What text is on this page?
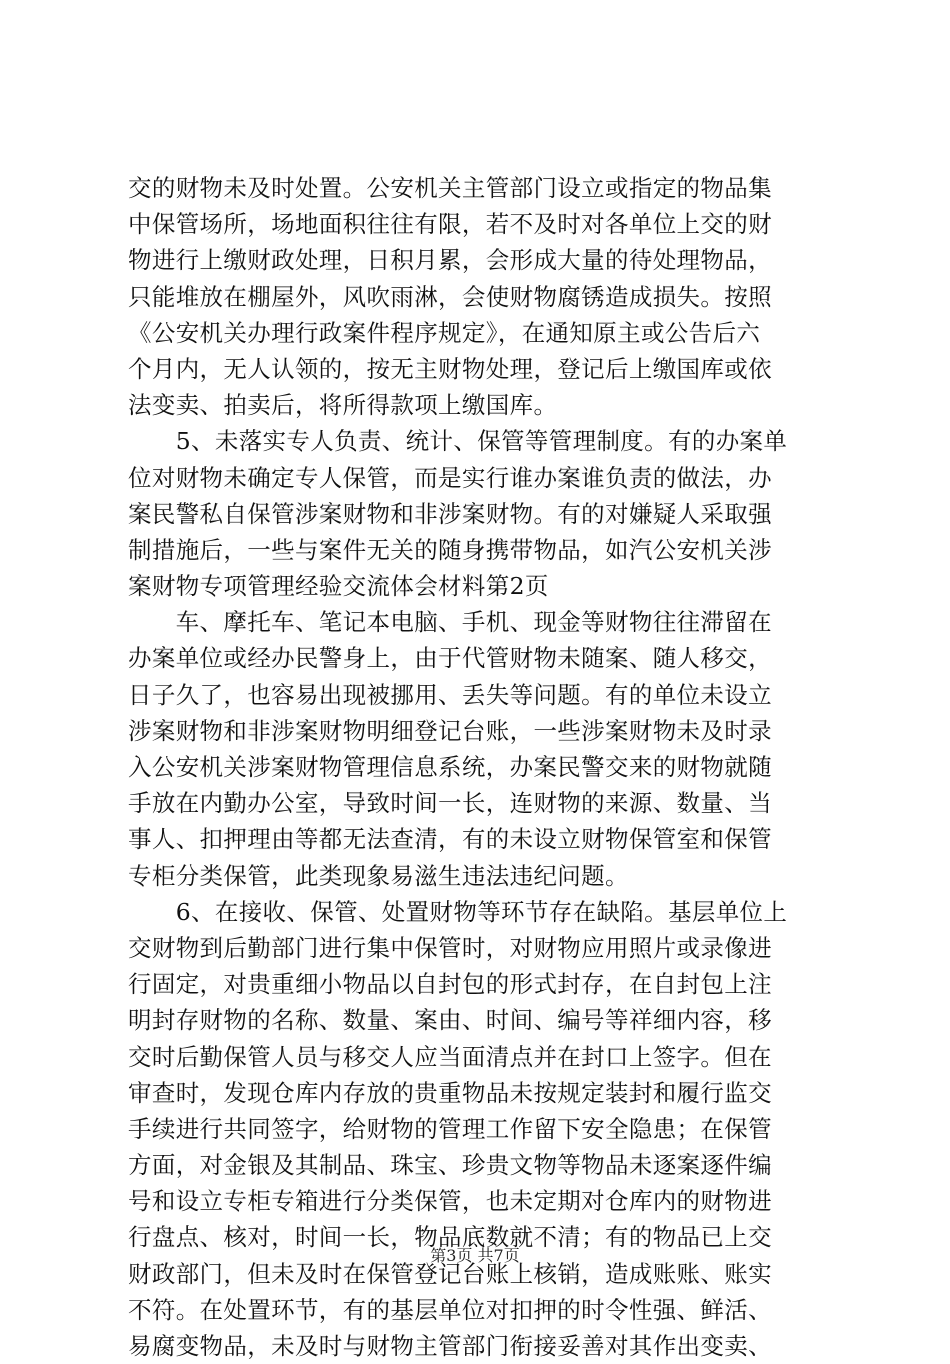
交的财物未及时处置。公安机关主管部门设立或指定的物品集
中保管场所，场地面积往往有限，若不及时对各单位上交的财
物进行上缴财政处理，日积月累，会形成大量的待处理物品，
只能堆放在棚屋外，风吹雨淋，会使财物腐锈造成损失。按照
《公安机关办理行政案件程序规定》，在通知原主或公告后六
个月内，无人认领的，按无主财物处理，登记后上缴国库或依
法变卖、拍卖后，将所得款项上缴国库。
　　5、未落实专人负责、统计、保管等管理制度。有的办案单
位对财物未确定专人保管，而是实行谁办案谁负责的做法，办
案民警私自保管涉案财物和非涉案财物。有的对嫌疑人采取强
制措施后，一些与案件无关的随身携带物品，如汽公安机关涉
案财物专项管理经验交流体会材料第2页
　　车、摩托车、笔记本电脑、手机、现金等财物往往滞留在
办案单位或经办民警身上，由于代管财物未随案、随人移交，
日子久了，也容易出现被挪用、丢失等问题。有的单位未设立
涉案财物和非涉案财物明细登记台账，一些涉案财物未及时录
入公安机关涉案财物管理信息系统，办案民警交来的财物就随
手放在内勤办公室，导致时间一长，连财物的来源、数量、当
事人、扣押理由等都无法查清，有的未设立财物保管室和保管
专柜分类保管，此类现象易滋生违法违纪问题。
　　6、在接收、保管、处置财物等环节存在缺陷。基层单位上
交财物到后勤部门进行集中保管时，对财物应用照片或录像进
行固定，对贵重细小物品以自封包的形式封存，在自封包上注
明封存财物的名称、数量、案由、时间、编号等祥细内容，移
交时后勤保管人员与移交人应当面清点并在封口上签字。但在
审查时，发现仓库内存放的贵重物品未按规定装封和履行监交
手续进行共同签字，给财物的管理工作留下安全隐患；在保管
方面，对金银及其制品、珠宝、珍贵文物等物品未逐案逐件编
号和设立专柜专箱进行分类保管，也未定期对仓库内的财物进
行盘点、核对，时间一长，物品底数就不清；有的物品已上交
财政部门，但未及时在保管登记台账上核销，造成账账、账实
不符。在处置环节，有的基层单位对扣押的时令性强、鲜活、
易腐变物品，未及时与财物主管部门衔接妥善对其作出变卖、
第3页 共7页
